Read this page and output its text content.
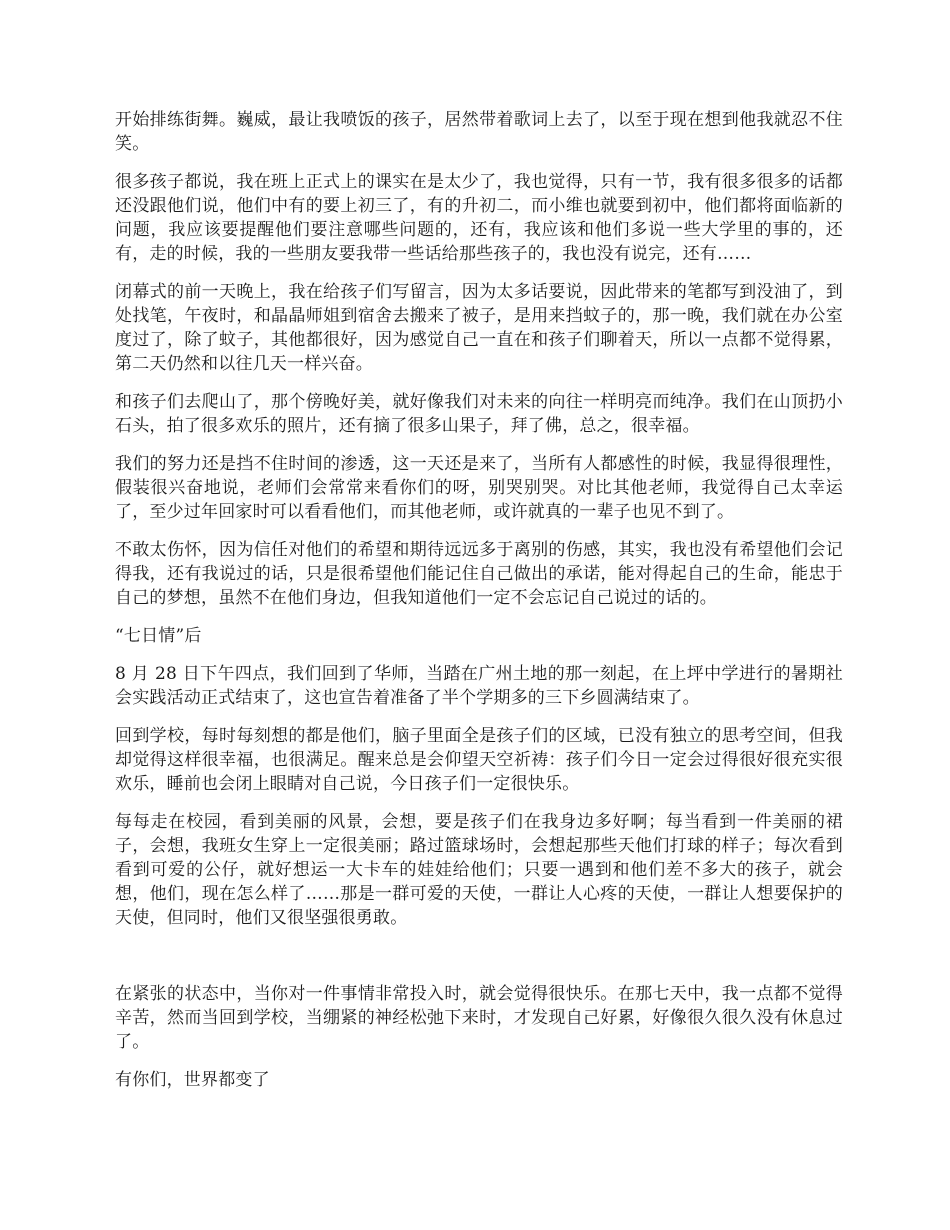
开始排练街舞。巍威，最让我喷饭的孩子，居然带着歌词上去了，以至于现在想到他我就忍不住笑。

很多孩子都说，我在班上正式上的课实在是太少了，我也觉得，只有一节，我有很多很多的话都还没跟他们说，他们中有的要上初三了，有的升初二，而小维也就要到初中，他们都将面临新的问题，我应该要提醒他们要注意哪些问题的，还有，我应该和他们多说一些大学里的事的，还有，走的时候，我的一些朋友要我带一些话给那些孩子的，我也没有说完，还有……

闭幕式的前一天晚上，我在给孩子们写留言，因为太多话要说，因此带来的笔都写到没油了，到处找笔，午夜时，和晶晶师姐到宿舍去搬来了被子，是用来挡蚊子的，那一晚，我们就在办公室度过了，除了蚊子，其他都很好，因为感觉自己一直在和孩子们聊着天，所以一点都不觉得累，第二天仍然和以往几天一样兴奋。

和孩子们去爬山了，那个傍晚好美，就好像我们对未来的向往一样明亮而纯净。我们在山顶扔小石头，拍了很多欢乐的照片，还有摘了很多山果子，拜了佛，总之，很幸福。

我们的努力还是挡不住时间的渗透，这一天还是来了，当所有人都感性的时候，我显得很理性，假装很兴奋地说，老师们会常常来看你们的呀，别哭别哭。对比其他老师，我觉得自己太幸运了，至少过年回家时可以看看他们，而其他老师，或许就真的一辈子也见不到了。

不敢太伤怀，因为信任对他们的希望和期待远远多于离别的伤感，其实，我也没有希望他们会记得我，还有我说过的话，只是很希望他们能记住自己做出的承诺，能对得起自己的生命，能忠于自己的梦想，虽然不在他们身边，但我知道他们一定不会忘记自己说过的话的。

“七日情”后

8 月 28 日下午四点，我们回到了华师，当踏在广州土地的那一刻起，在上坪中学进行的暑期社会实践活动正式结束了，这也宣告着准备了半个学期多的三下乡圆满结束了。

回到学校，每时每刻想的都是他们，脑子里面全是孩子们的区域，已没有独立的思考空间，但我却觉得这样很幸福，也很满足。醒来总是会仰望天空祈祷：孩子们今日一定会过得很好很充实很欢乐，睡前也会闭上眼睛对自己说，今日孩子们一定很快乐。

每每走在校园，看到美丽的风景，会想，要是孩子们在我身边多好啊；每当看到一件美丽的裙子，会想，我班女生穿上一定很美丽；路过篮球场时，会想起那些天他们打球的样子；每次看到看到可爱的公仔，就好想运一大卡车的娃娃给他们；只要一遇到和他们差不多大的孩子，就会想，他们，现在怎么样了……那是一群可爱的天使，一群让人心疼的天使，一群让人想要保护的天使，但同时，他们又很坚强很勇敢。

在紧张的状态中，当你对一件事情非常投入时，就会觉得很快乐。在那七天中，我一点都不觉得辛苦，然而当回到学校，当绷紧的神经松弛下来时，才发现自己好累，好像很久很久没有休息过了。

有你们，世界都变了
